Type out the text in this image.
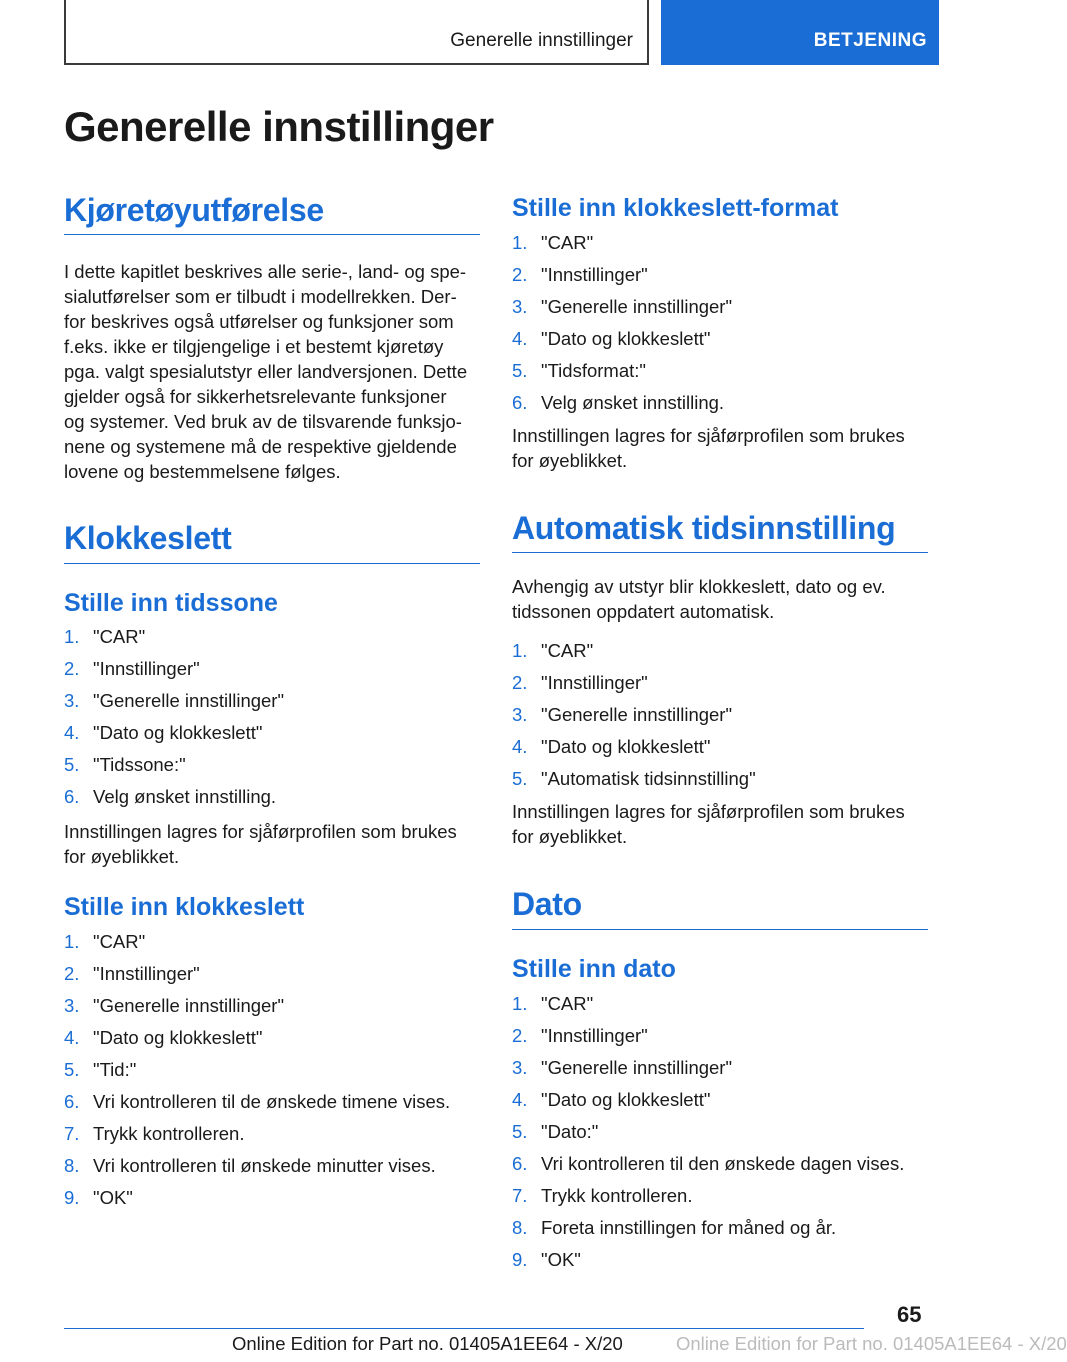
Generelle innstillinger	BETJENING
Generelle innstillinger
Kjøretøyutførelse
I dette kapitlet beskrives alle serie-, land- og spe-
sialutførelser som er tilbudt i modellrekken. Der-
for beskrives også utførelser og funksjoner som
f.eks. ikke er tilgjengelige i et bestemt kjøretøy
pga. valgt spesialutstyr eller landversjonen. Dette
gjelder også for sikkerhetsrelevante funksjoner
og systemer. Ved bruk av de tilsvarende funksjo-
nene og systemene må de respektive gjeldende
lovene og bestemmelsene følges.
Klokkeslett
Stille inn tidssone
1. "CAR"
2. "Innstillinger"
3. "Generelle innstillinger"
4. "Dato og klokkeslett"
5. "Tidssone:"
6. Velg ønsket innstilling.
Innstillingen lagres for sjåførprofilen som brukes
for øyeblikket.
Stille inn klokkeslett
1. "CAR"
2. "Innstillinger"
3. "Generelle innstillinger"
4. "Dato og klokkeslett"
5. "Tid:"
6. Vri kontrolleren til de ønskede timene vises.
7. Trykk kontrolleren.
8. Vri kontrolleren til ønskede minutter vises.
9. "OK"
Stille inn klokkeslett-format
1. "CAR"
2. "Innstillinger"
3. "Generelle innstillinger"
4. "Dato og klokkeslett"
5. "Tidsformat:"
6. Velg ønsket innstilling.
Innstillingen lagres for sjåførprofilen som brukes
for øyeblikket.
Automatisk tidsinnstilling
Avhengig av utstyr blir klokkeslett, dato og ev.
tidssonen oppdatert automatisk.
1. "CAR"
2. "Innstillinger"
3. "Generelle innstillinger"
4. "Dato og klokkeslett"
5. "Automatisk tidsinnstilling"
Innstillingen lagres for sjåførprofilen som brukes
for øyeblikket.
Dato
Stille inn dato
1. "CAR"
2. "Innstillinger"
3. "Generelle innstillinger"
4. "Dato og klokkeslett"
5. "Dato:"
6. Vri kontrolleren til den ønskede dagen vises.
7. Trykk kontrolleren.
8. Foreta innstillingen for måned og år.
9. "OK"
65
Online Edition for Part no. 01405A1EE64 - X/20	Online Edition for Part no. 01405A1EE64 - X/20
